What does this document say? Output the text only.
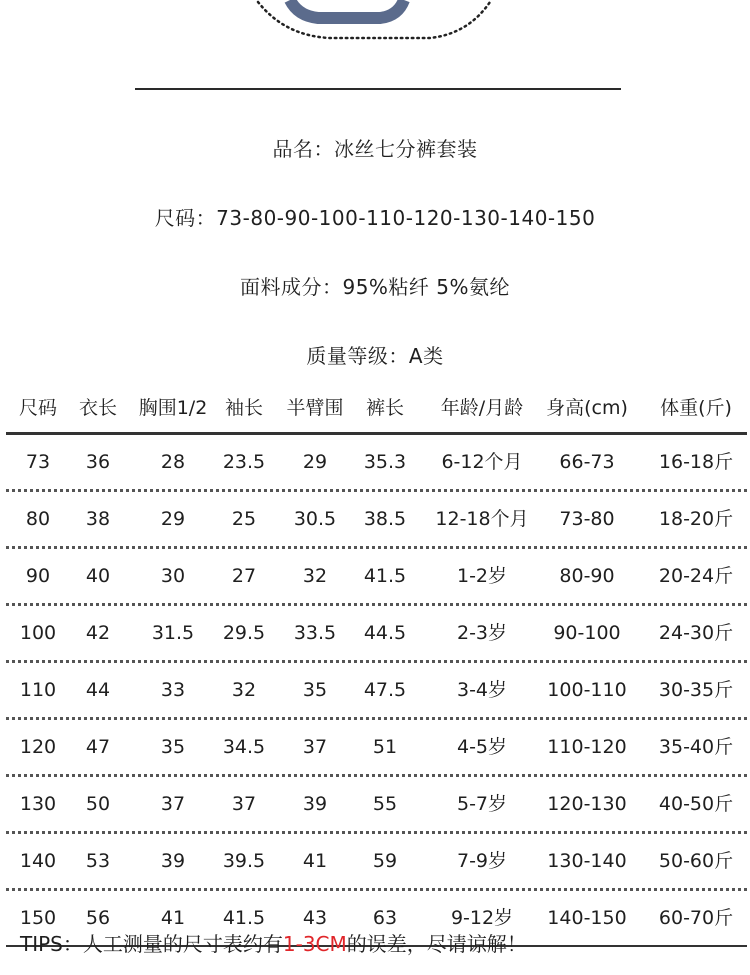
品名：冰丝七分裤套装
尺码：73-80-90-100-110-120-130-140-150
面料成分：95%粘纤 5%氨纶
质量等级：A类
尺码 衣长 胸围1/2 袖长 半臂围 裤长 年龄/月龄 身高(cm) 体重(斤)
73 36	28 23.5 29 35.3 6-12个月 66-73 16-18斤
80 38	29 25 30.5 38.5 12-18个月 73-80 18-20斤
90 40	30 27 32 41.5	1-2岁	80-90 20-24斤
100 42 31.5 29.5 33.5 44.5	2-3岁 90-100 24-30斤
110 44	33 32 35 47.5	3-4岁 100-110 30-35斤
120 47	35 34.5 37 51	4-5岁 110-120 35-40斤
130 50	37 37 39 55	5-7岁 120-130 40-50斤
140 53	39 39.5 41 59	7-9岁 130-140 50-60斤
150 56	41 41.5 43 63	9-12岁 140-150 60-70斤
TIPS：人工测量的尺寸表约有1-3CM的误差，尽请谅解！
